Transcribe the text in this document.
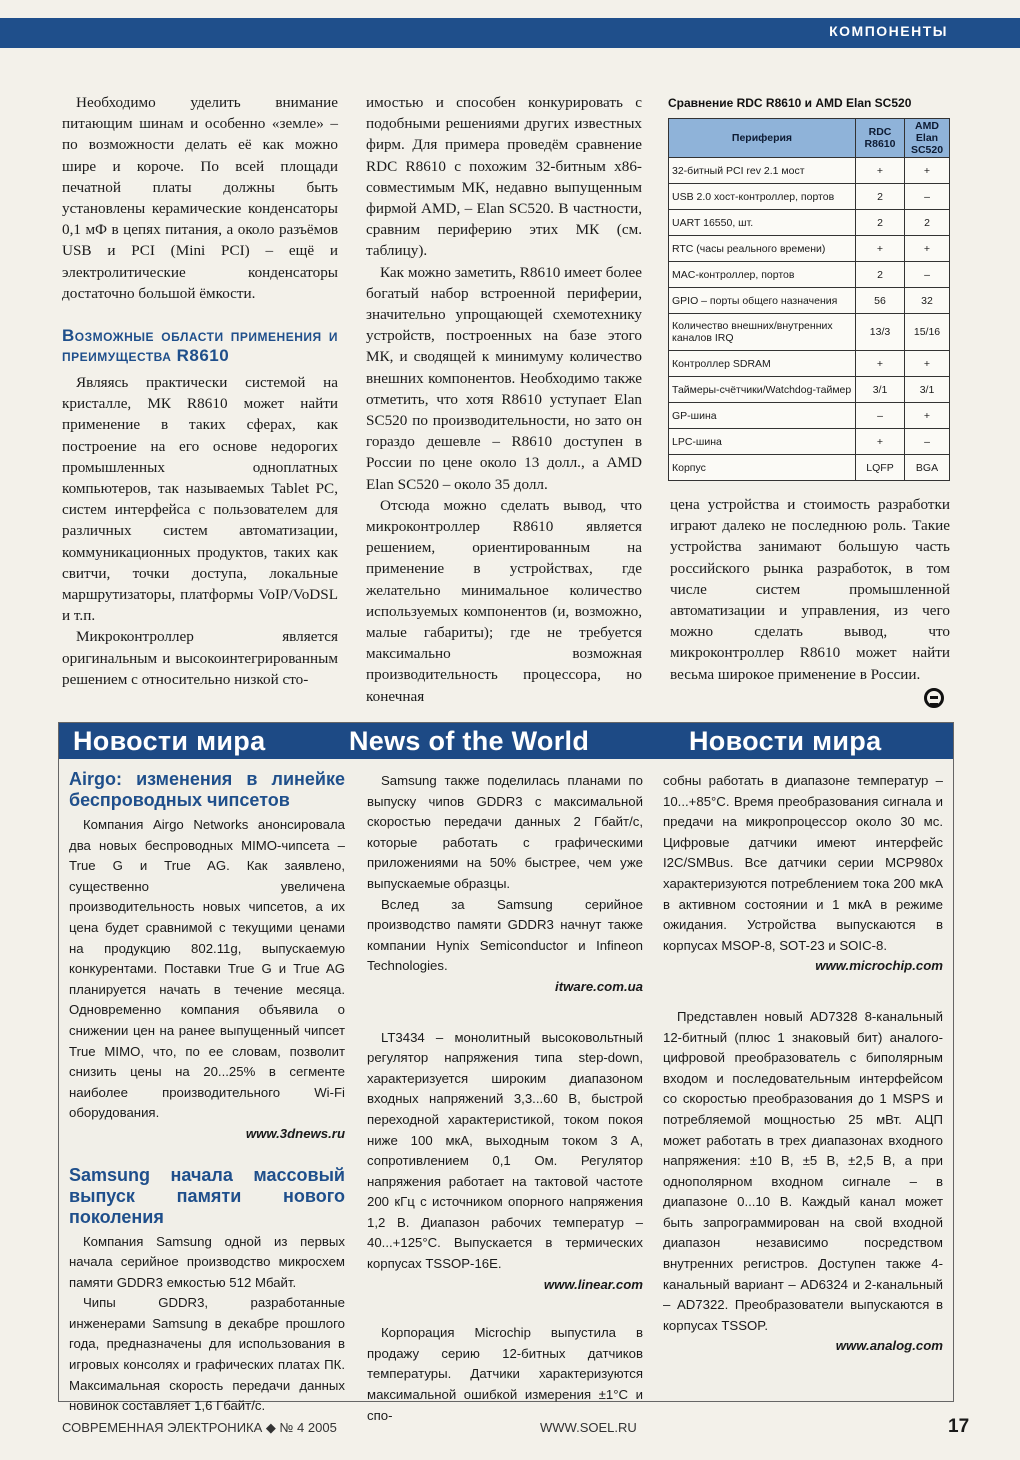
КОМПОНЕНТЫ

Необходимо уделить внимание питающим шинам и особенно «земле» – по возможности делать её как можно шире и короче. По всей площади печатной платы должны быть установлены керамические конденсаторы 0,1 мФ в цепях питания, а около разъёмов USB и PCI (Mini PCI) – ещё и электролитические конденсаторы достаточно большой ёмкости.

Возможные области применения и преимущества R8610

Являясь практически системой на кристалле, МК R8610 может найти применение в таких сферах, как построение на его основе недорогих промышленных одноплатных компьютеров, так называемых Tablet PC, систем интерфейса с пользователем для различных систем автоматизации, коммуникационных продуктов, таких как свитчи, точки доступа, локальные маршрутизаторы, платформы VoIP/VoDSL и т.п.

Микроконтроллер является оригинальным и высокоинтегрированным решением с относительно низкой сто-

имостью и способен конкурировать с подобными решениями других известных фирм. Для примера проведём сравнение RDC R8610 с похожим 32-битным x86-совместимым МК, недавно выпущенным фирмой AMD, – Elan SC520. В частности, сравним периферию этих МК (см. таблицу).

Как можно заметить, R8610 имеет более богатый набор встроенной периферии, значительно упрощающей схемотехнику устройств, построенных на базе этого МК, и сводящей к минимуму количество внешних компонентов. Необходимо также отметить, что хотя R8610 уступает Elan SC520 по производительности, но зато он гораздо дешевле – R8610 доступен в России по цене около 13 долл., а AMD Elan SC520 – около 35 долл.

Отсюда можно сделать вывод, что микроконтроллер R8610 является решением, ориентированным на применение в устройствах, где желательно минимальное количество используемых компонентов (и, возможно, малые габариты); где не требуется максимально возможная производительность процессора, но конечная

Сравнение RDC R8610 и AMD Elan SC520
Периферия	RDC R8610	AMD Elan SC520
32-битный PCI rev 2.1 мост	+	+
USB 2.0 хост-контроллер, портов	2	–
UART 16550, шт.	2	2
RTC (часы реального времени)	+	+
MAC-контроллер, портов	2	–
GPIO – порты общего назначения	56	32
Количество внешних/внутренних каналов IRQ	13/3	15/16
Контроллер SDRAM	+	+
Таймеры-счётчики/Watchdog-таймер	3/1	3/1
GP-шина	–	+
LPC-шина	+	–
Корпус	LQFP	BGA

цена устройства и стоимость разработки играют далеко не последнюю роль. Такие устройства занимают большую часть российского рынка разработок, в том числе систем промышленной автоматизации и управления, из чего можно сделать вывод, что микроконтроллер R8610 может найти весьма широкое применение в России.

Новости мира	News of the World	Новости мира
Airgo: изменения в линейке беспроводных чипсетов

Компания Airgo Networks анонсировала два новых беспроводных MIMO-чипсета – True G и True AG. Как заявлено, существенно увеличена производительность новых чипсетов, а их цена будет сравнимой с текущими ценами на продукцию 802.11g, выпускаемую конкурентами. Поставки True G и True AG планируется начать в течение месяца. Одновременно компания объявила о снижении цен на ранее выпущенный чипсет True MIMO, что, по ее словам, позволит снизить цены на 20...25% в сегменте наиболее производительного Wi-Fi оборудования.

www.3dnews.ru
Samsung начала массовый выпуск памяти нового поколения

Компания Samsung одной из первых начала серийное производство микросхем памяти GDDR3 емкостью 512 Мбайт.

Чипы GDDR3, разработанные инженерами Samsung в декабре прошлого года, предназначены для использования в игровых консолях и графических платах ПК. Максимальная скорость передачи данных новинок составляет 1,6 Гбайт/с.

Samsung также поделилась планами по выпуску чипов GDDR3 с максимальной скоростью передачи данных 2 Гбайт/с, которые работать с графическими приложениями на 50% быстрее, чем уже выпускаемые образцы.

Вслед за Samsung серийное производство памяти GDDR3 начнут также компании Hynix Semiconductor и Infineon Technologies.

itware.com.ua

LT3434 – монолитный высоковольтный регулятор напряжения типа step-down, характеризуется широким диапазоном входных напряжений 3,3...60 В, быстрой переходной характеристикой, током покоя ниже 100 мкА, выходным током 3 А, сопротивлением 0,1 Ом. Регулятор напряжения работает на тактовой частоте 200 кГц с источником опорного напряжения 1,2 В. Диапазон рабочих температур –40...+125°С. Выпускается в термических корпусах TSSOP-16E.

www.linear.com

Корпорация Microchip выпустила в продажу серию 12-битных датчиков температуры. Датчики характеризуются максимальной ошибкой измерения ±1°С и спо-

собны работать в диапазоне температур –10...+85°С. Время преобразования сигнала и предачи на микропроцессор около 30 мс. Цифровые датчики имеют интерфейс I2C/SMBus. Все датчики серии MCP980x характеризуются потреблением тока 200 мкА в активном состоянии и 1 мкА в режиме ожидания. Устройства выпускаются в корпусах MSOP-8, SOT-23 и SOIC-8.

www.microchip.com

Представлен новый AD7328 8-канальный 12-битный (плюс 1 знаковый бит) аналого-цифровой преобразователь с биполярным входом и последовательным интерфейсом со скоростью преобразования до 1 MSPS и потребляемой мощностью 25 мВт. АЦП может работать в трех диапазонах входного напряжения: ±10 В, ±5 В, ±2,5 В, а при однополярном входном сигнале – в диапазоне 0...10 В. Каждый канал может быть запрограммирован на свой входной диапазон независимо посредством внутренних регистров. Доступен также 4-канальный вариант – AD6324 и 2-канальный – AD7322. Преобразователи выпускаются в корпусах TSSOP.

www.analog.com
СОВРЕМЕННАЯ ЭЛЕКТРОНИКА ◆ № 4 2005	WWW.SOEL.RU	17
